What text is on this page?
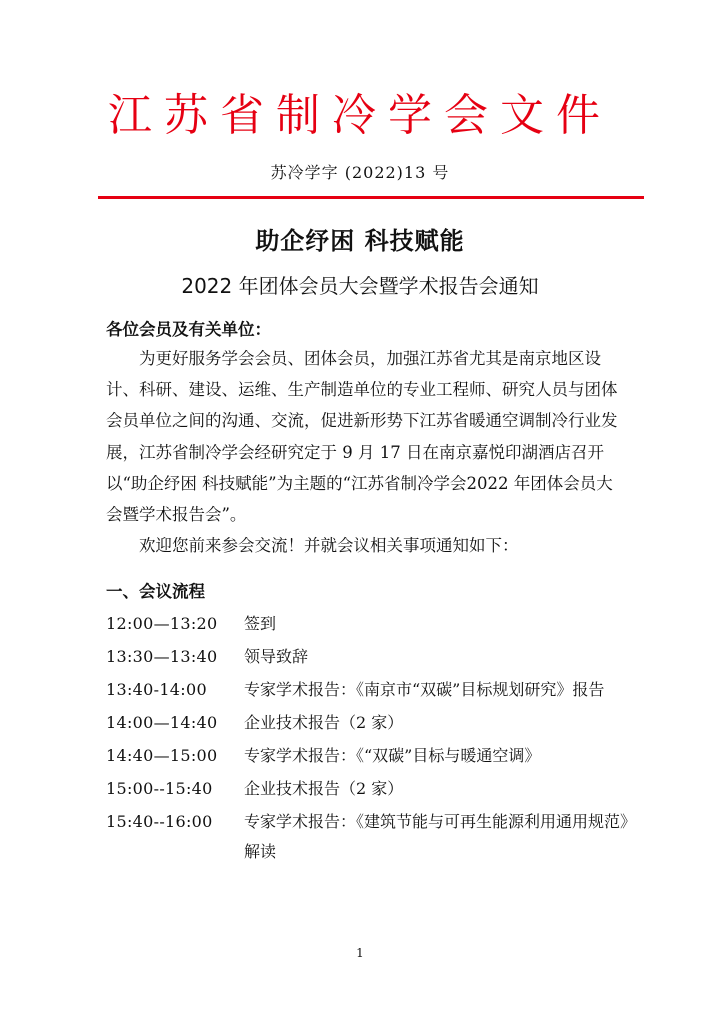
江苏省制冷学会文件
苏冷学字 (2022)13 号
助企纾困 科技赋能
2022 年团体会员大会暨学术报告会通知
各位会员及有关单位：

为更好服务学会会员、团体会员，加强江苏省尤其是南京地区设计、科研、建设、运维、生产制造单位的专业工程师、研究人员与团体会员单位之间的沟通、交流，促进新形势下江苏省暖通空调制冷行业发展，江苏省制冷学会经研究定于 9 月 17 日在南京嘉悦印湖酒店召开以“助企纾困 科技赋能”为主题的“江苏省制冷学会2022 年团体会员大会暨学术报告会”。

欢迎您前来参会交流！并就会议相关事项通知如下：

一、会议流程
12:00—13:20	签到
13:30—13:40	领导致辞
13:40-14:00	专家学术报告：《南京市“双碳”目标规划研究》报告
14:00—14:40	企业技术报告（2 家）
14:40—15:00	专家学术报告：《“双碳”目标与暖通空调》
15:00--15:40	企业技术报告（2 家）
15:40--16:00	专家学术报告：《建筑节能与可再生能源利用通用规范》解读
1
